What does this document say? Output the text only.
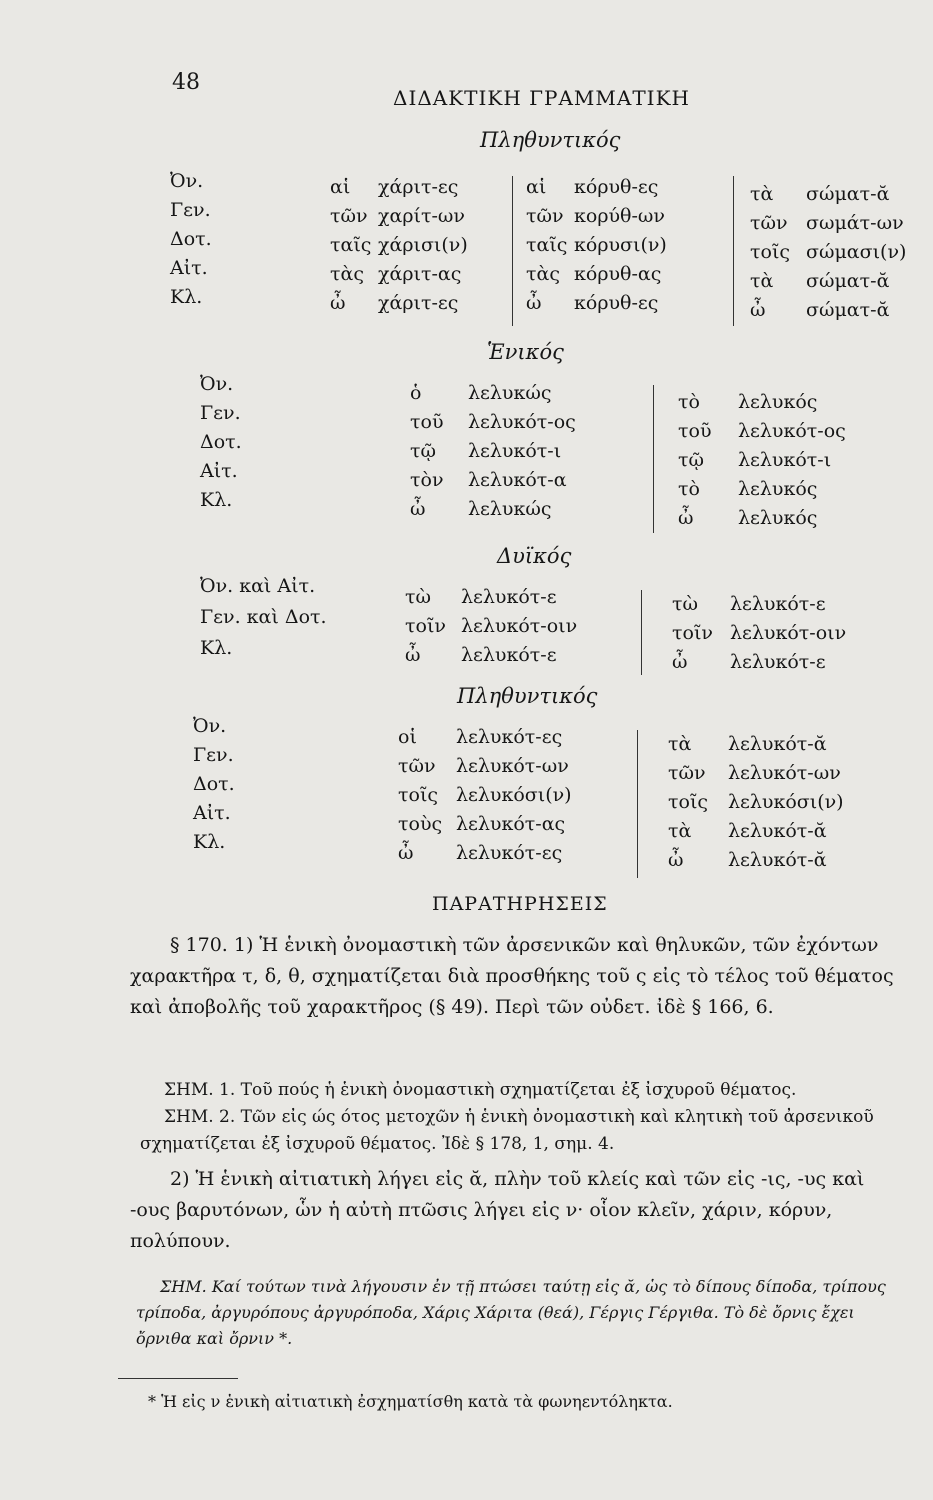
48
ΔΙΔΑΚΤΙΚΗ ΓΡΑΜΜΑΤΙΚΗ
Πληθυντικός
Ὀν.
Γεν.
Δοτ.
Αἰτ.
Κλ.
αἱ χάριτ-ες
τῶν χαρίτ-ων
ταῖς χάρισι(ν)
τὰς χάριτ-ας
ὦ χάριτ-ες
αἱ κόρυθ-ες
τῶν κορύθ-ων
ταῖς κόρυσι(ν)
τὰς κόρυθ-ας
ὦ κόρυθ-ες
τὰ σώματ-ᾰ
τῶν σωμάτ-ων
τοῖς σώμασι(ν)
τὰ σώματ-ᾰ
ὦ σώματ-ᾰ
Ἑνικός
Ὀν.
Γεν.
Δοτ.
Αἰτ.
Κλ.
ὁ λελυκώς
τοῦ λελυκότ-ος
τῷ λελυκότ-ι
τὸν λελυκότ-α
ὦ λελυκώς
τὸ λελυκός
τοῦ λελυκότ-ος
τῷ λελυκότ-ι
τὸ λελυκός
ὦ λελυκός
Δυϊκός
Ὀν. καὶ Αἰτ.
Γεν. καὶ Δοτ.
Κλ.
τὼ λελυκότ-ε
τοῖν λελυκότ-οιν
ὦ λελυκότ-ε
τὼ λελυκότ-ε
τοῖν λελυκότ-οιν
ὦ λελυκότ-ε
Πληθυντικός
Ὀν.
Γεν.
Δοτ.
Αἰτ.
Κλ.
οἱ λελυκότ-ες
τῶν λελυκότ-ων
τοῖς λελυκόσι(ν)
τοὺς λελυκότ-ας
ὦ λελυκότ-ες
τὰ λελυκότ-ᾰ
τῶν λελυκότ-ων
τοῖς λελυκόσι(ν)
τὰ λελυκότ-ᾰ
ὦ λελυκότ-ᾰ
ΠΑΡΑΤΗΡΗΣΕΙΣ

§ 170. 1) Ἡ ἑνικὴ ὀνομαστικὴ τῶν ἀρσενικῶν καὶ θηλυκῶν, τῶν ἐχόντων χαρακτῆρα τ, δ, θ, σχηματίζεται διὰ προσθήκης τοῦ ς εἰς τὸ τέλος τοῦ θέματος καὶ ἀποβολῆς τοῦ χαρακτῆρος (§ 49). Περὶ τῶν οὐδετ. ἰδὲ § 166, 6.

ΣΗΜ. 1. Τοῦ πούς ἡ ἑνικὴ ὀνομαστικὴ σχηματίζεται ἐξ ἰσχυροῦ θέματος.

ΣΗΜ. 2. Τῶν εἰς ώς ότος μετοχῶν ἡ ἑνικὴ ὀνομαστικὴ καὶ κλητικὴ τοῦ ἀρσενικοῦ σχηματίζεται ἐξ ἰσχυροῦ θέματος. Ἰδὲ § 178, 1, σημ. 4.

2) Ἡ ἑνικὴ αἰτιατικὴ λήγει εἰς ᾰ, πλὴν τοῦ κλείς καὶ τῶν εἰς -ις, -υς καὶ -ους βαρυτόνων, ὧν ἡ αὐτὴ πτῶσις λήγει εἰς ν· οἷον κλεῖν, χάριν, κόρυν, πολύπουν.

ΣΗΜ. Καί τούτων τινὰ λήγουσιν ἐν τῇ πτώσει ταύτῃ εἰς ᾰ, ὡς τὸ δίπους δίποδα, τρίπους τρίποδα, ἀργυρόπους ἀργυρόποδα, Χάρις Χάριτα (θεά), Γέργις Γέργιθα. Τὸ δὲ ὄρνις ἔχει ὄρνιθα καὶ ὄρνιν *.

* Ἡ εἰς ν ἑνικὴ αἰτιατικὴ ἐσχηματίσθη κατὰ τὰ φωνηεντόληκτα.
